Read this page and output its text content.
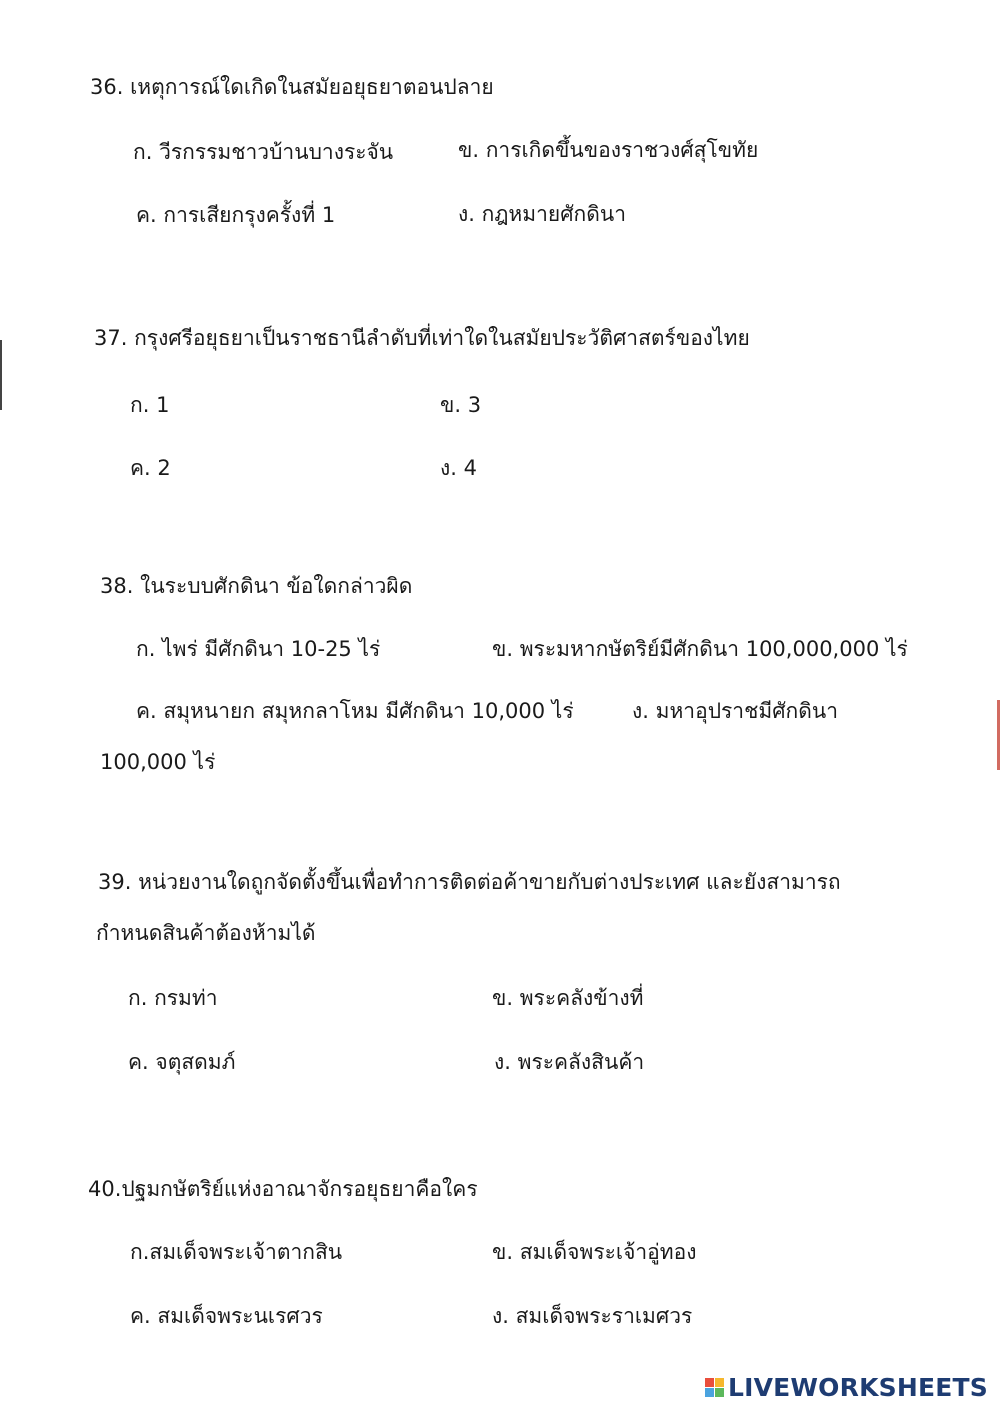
36. เหตุการณ์ใดเกิดในสมัยอยุธยาตอนปลาย
ก. วีรกรรมชาวบ้านบางระจัน	ข. การเกิดขึ้นของราชวงศ์สุโขทัย
ค. การเสียกรุงครั้งที่ 1	ง. กฎหมายศักดินา
37. กรุงศรีอยุธยาเป็นราชธานีลำดับที่เท่าใดในสมัยประวัติศาสตร์ของไทย
ก. 1	ข. 3
ค. 2	ง. 4
38. ในระบบศักดินา ข้อใดกล่าวผิด
ก. ไพร่ มีศักดินา 10-25 ไร่	ข. พระมหากษัตริย์มีศักดินา 100,000,000 ไร่
ค. สมุหนายก สมุหกลาโหม มีศักดินา 10,000 ไร่	ง. มหาอุปราชมีศักดินา
100,000 ไร่
39. หน่วยงานใดถูกจัดตั้งขึ้นเพื่อทำการติดต่อค้าขายกับต่างประเทศ และยังสามารถ
กำหนดสินค้าต้องห้ามได้
ก. กรมท่า	ข. พระคลังข้างที่
ค. จตุสดมภ์	ง. พระคลังสินค้า
40.ปฐมกษัตริย์แห่งอาณาจักรอยุธยาคือใคร
ก.สมเด็จพระเจ้าตากสิน	ข. สมเด็จพระเจ้าอู่ทอง
ค. สมเด็จพระนเรศวร	ง. สมเด็จพระราเมศวร
LIVEWORKSHEETS
